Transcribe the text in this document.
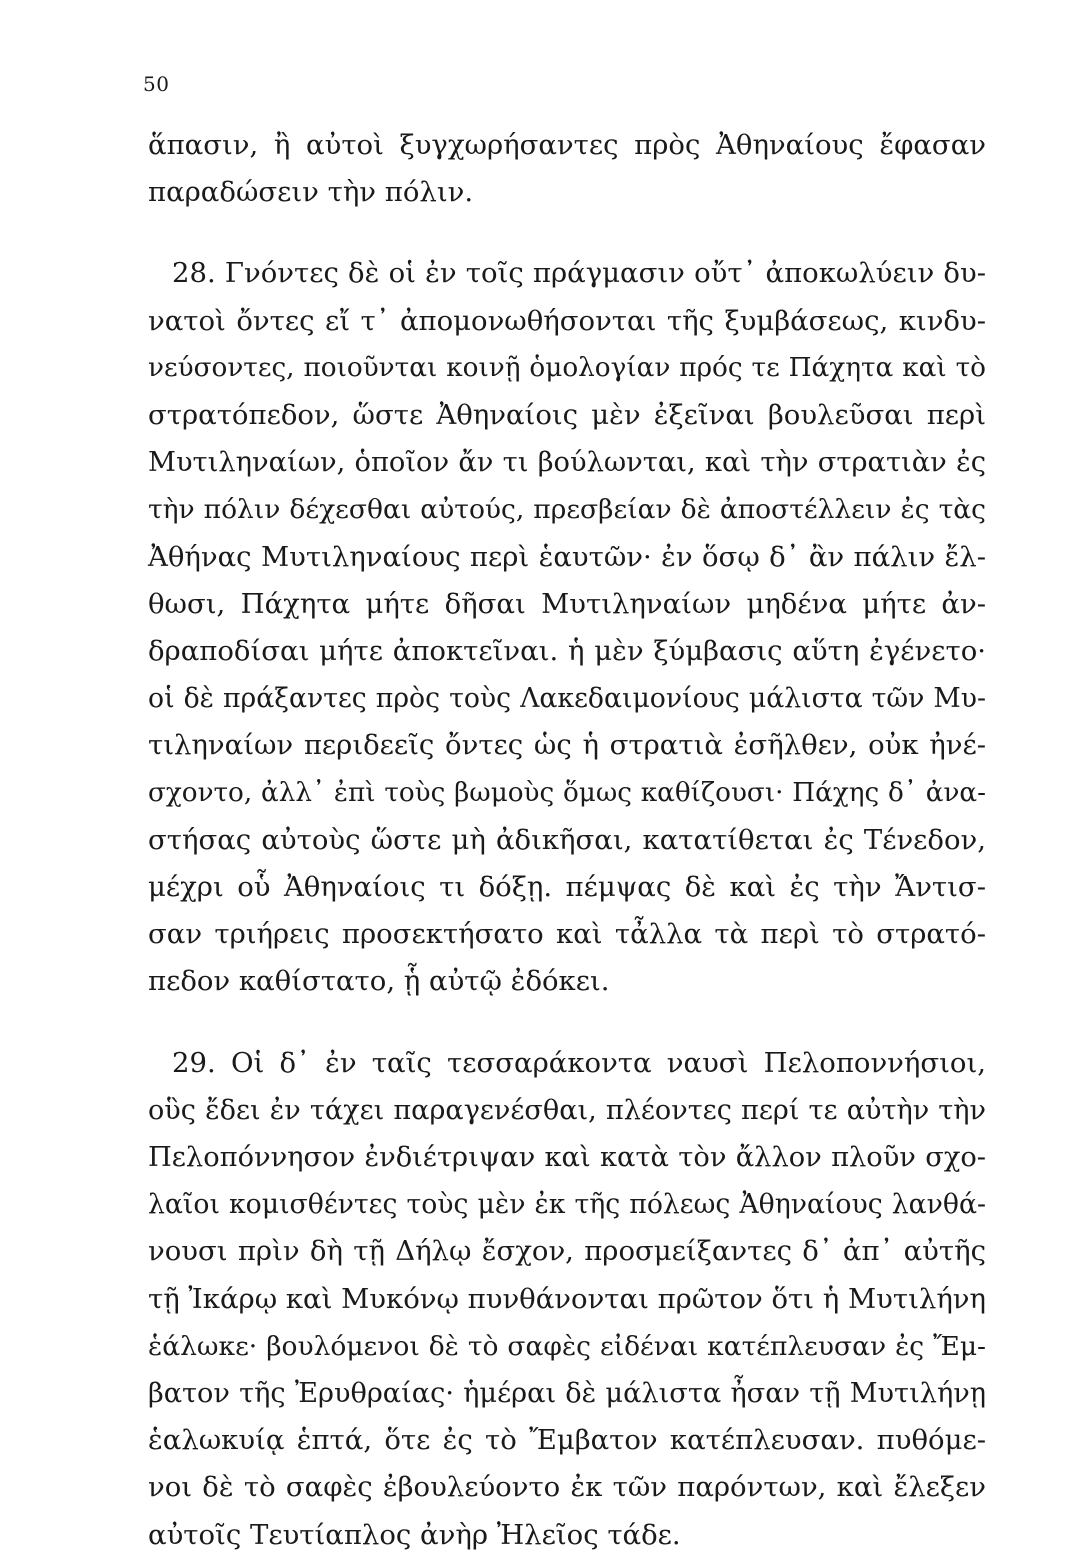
50
ἅπασιν, ἢ αὐτοὶ ξυγχωρήσαντες πρὸς Ἀθηναίους ἔφασαν
παραδώσειν τὴν πόλιν.
28. Γνόντες δὲ οἱ ἐν τοῖς πράγμασιν οὔτ᾽ ἀποκωλύειν δυ-
νατοὶ ὄντες εἴ τ᾽ ἀπομονωθήσονται τῆς ξυμβάσεως, κινδυ-
νεύσοντες, ποιοῦνται κοινῇ ὁμολογίαν πρός τε Πάχητα καὶ τὸ
στρατόπεδον, ὥστε Ἀθηναίοις μὲν ἐξεῖναι βουλεῦσαι περὶ
Μυτιληναίων, ὁποῖον ἄν τι βούλωνται, καὶ τὴν στρατιὰν ἐς
τὴν πόλιν δέχεσθαι αὐτούς, πρεσβείαν δὲ ἀποστέλλειν ἐς τὰς
Ἀθήνας Μυτιληναίους περὶ ἑαυτῶν· ἐν ὅσῳ δ᾽ ἂν πάλιν ἔλ-
θωσι, Πάχητα μήτε δῆσαι Μυτιληναίων μηδένα μήτε ἀν-
δραποδίσαι μήτε ἀποκτεῖναι. ἡ μὲν ξύμβασις αὕτη ἐγένετο·
οἱ δὲ πράξαντες πρὸς τοὺς Λακεδαιμονίους μάλιστα τῶν Μυ-
τιληναίων περιδεεῖς ὄντες ὡς ἡ στρατιὰ ἐσῆλθεν, οὐκ ἠνέ-
σχοντο, ἀλλ᾽ ἐπὶ τοὺς βωμοὺς ὅμως καθίζουσι· Πάχης δ᾽ ἀνα-
στήσας αὐτοὺς ὥστε μὴ ἀδικῆσαι, κατατίθεται ἐς Τένεδον,
μέχρι οὗ Ἀθηναίοις τι δόξῃ. πέμψας δὲ καὶ ἐς τὴν Ἄντισ-
σαν τριήρεις προσεκτήσατο καὶ τἆλλα τὰ περὶ τὸ στρατό-
πεδον καθίστατο, ᾗ αὐτῷ ἐδόκει.
29. Οἱ δ᾽ ἐν ταῖς τεσσαράκοντα ναυσὶ Πελοποννήσιοι,
οὓς ἔδει ἐν τάχει παραγενέσθαι, πλέοντες περί τε αὐτὴν τὴν
Πελοπόννησον ἐνδιέτριψαν καὶ κατὰ τὸν ἄλλον πλοῦν σχο-
λαῖοι κομισθέντες τοὺς μὲν ἐκ τῆς πόλεως Ἀθηναίους λανθά-
νουσι πρὶν δὴ τῇ Δήλῳ ἔσχον, προσμείξαντες δ᾽ ἀπ᾽ αὐτῆς
τῇ Ἰκάρῳ καὶ Μυκόνῳ πυνθάνονται πρῶτον ὅτι ἡ Μυτιλήνη
ἑάλωκε· βουλόμενοι δὲ τὸ σαφὲς εἰδέναι κατέπλευσαν ἐς Ἔμ-
βατον τῆς Ἐρυθραίας· ἡμέραι δὲ μάλιστα ἦσαν τῇ Μυτιλήνῃ
ἑαλωκυίᾳ ἑπτά, ὅτε ἐς τὸ Ἔμβατον κατέπλευσαν. πυθόμε-
νοι δὲ τὸ σαφὲς ἐβουλεύοντο ἐκ τῶν παρόντων, καὶ ἔλεξεν
αὐτοῖς Τευτίαπλος ἀνὴρ Ἠλεῖος τάδε.
